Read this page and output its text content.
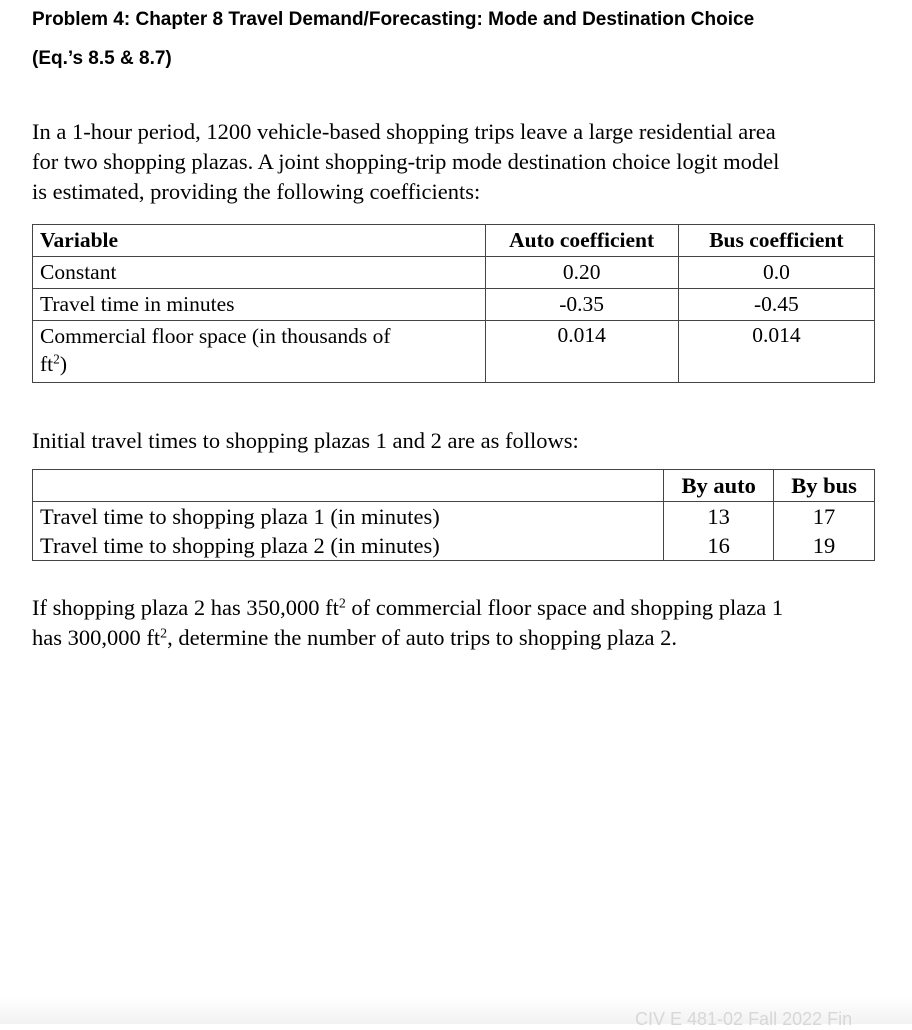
Problem 4: Chapter 8 Travel Demand/Forecasting: Mode and Destination Choice
(Eq.’s 8.5 & 8.7)
In a 1-hour period, 1200 vehicle-based shopping trips leave a large residential area
for two shopping plazas. A joint shopping-trip mode destination choice logit model
is estimated, providing the following coefficients:
Variable	Auto coefficient	Bus coefficient
Constant	0.20	0.0
Travel time in minutes	-0.35	-0.45
Commercial floor space (in thousands of
$ft^2$)	0.014	0.014
Initial travel times to shopping plazas 1 and 2 are as follows:
	By auto	By bus
Travel time to shopping plaza 1 (in minutes)	13	17
Travel time to shopping plaza 2 (in minutes)	16	19
If shopping plaza 2 has 350,000 $ft^2$ of commercial floor space and shopping plaza 1
has 300,000 $ft^2$, determine the number of auto trips to shopping plaza 2.
CIV E 481-02 Fall 2022 Fin
